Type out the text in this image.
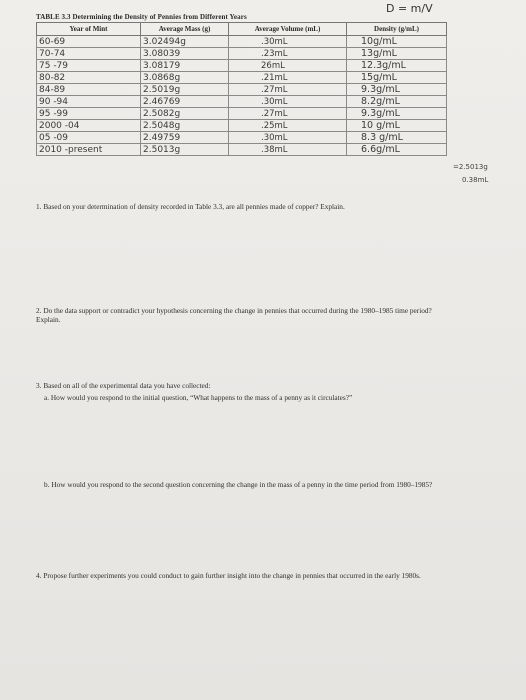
D = m/V
TABLE 3.3 Determining the Density of Pennies from Different Years
Year of Mint	Average Mass (g)	Average Volume (mL)	Density (g/mL)
60-69	3.02494g	.30mL	10g/mL
70-74	3.08039	.23mL	13g/mL
75 -79	3.08179	26mL	12.3g/mL
80-82	3.0868g	.21mL	15g/mL
84-89	2.5019g	.27mL	9.3g/mL
90 -94	2.46769	.30mL	8.2g/mL
95 -99	2.5082g	.27mL	9.3g/mL
2000 -04	2.5048g	.25mL	10 g/mL
05 -09	2.49759	.30mL	8.3 g/mL
2010 -present	2.5013g	.38mL	6.6g/mL
=2.5013g
0.38mL
1. Based on your determination of density recorded in Table 3.3, are all pennies made of copper? Explain.
2. Do the data support or contradict your hypothesis concerning the change in pennies that occurred during the 1980–1985 time period? Explain.
3. Based on all of the experimental data you have collected:
a. How would you respond to the initial question, “What happens to the mass of a penny as it circulates?”
b. How would you respond to the second question concerning the change in the mass of a penny in the time period from 1980–1985?
4. Propose further experiments you could conduct to gain further insight into the change in pennies that occurred in the early 1980s.
